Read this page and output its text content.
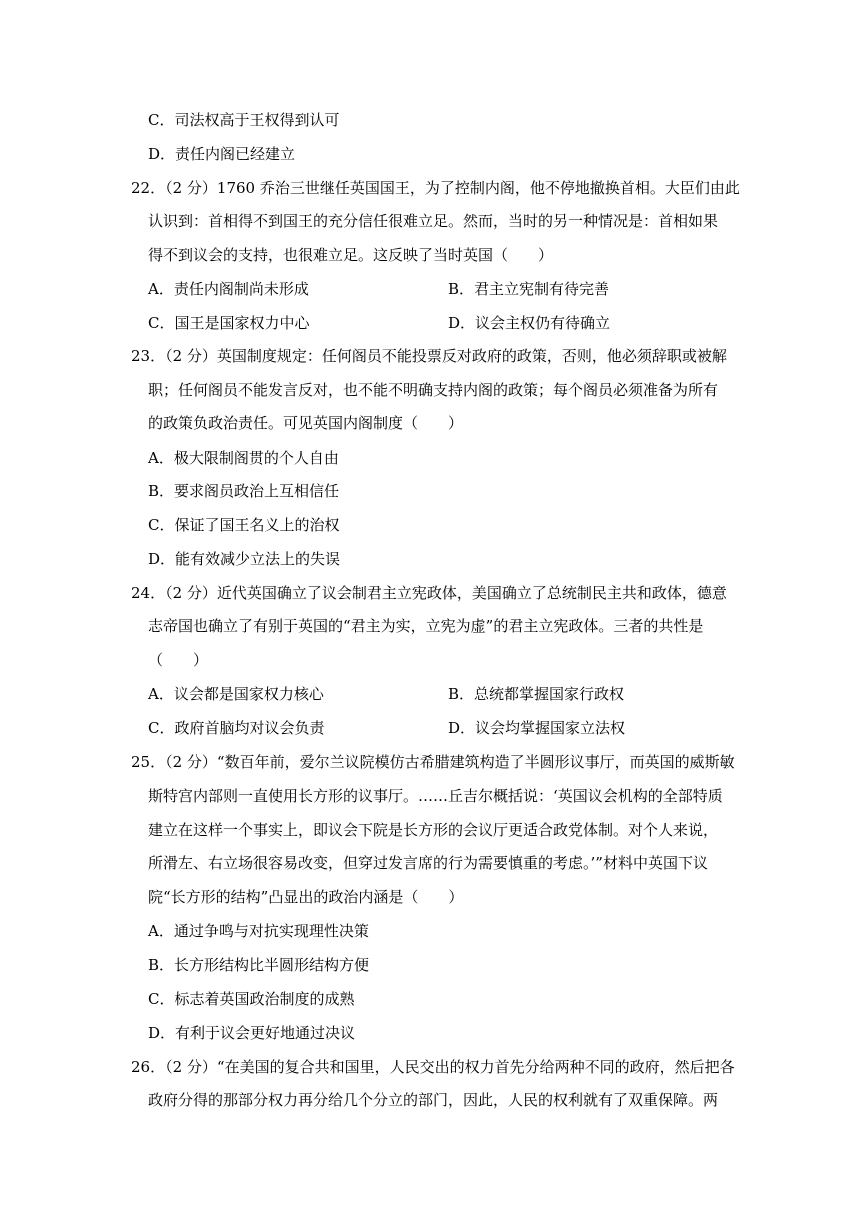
C．司法权高于王权得到认可
D．责任内阁已经建立
22．（2 分）1760 乔治三世继任英国国王，为了控制内阁，他不停地撤换首相。大臣们由此
认识到：首相得不到国王的充分信任很难立足。然而，当时的另一种情况是：首相如果
得不到议会的支持，也很难立足。这反映了当时英国（　　）
A．责任内阁制尚未形成	B．君主立宪制有待完善
C．国王是国家权力中心	D．议会主权仍有待确立
23．（2 分）英国制度规定：任何阁员不能投票反对政府的政策，否则，他必须辞职或被解
职；任何阁员不能发言反对，也不能不明确支持内阁的政策；每个阁员必须准备为所有
的政策负政治责任。可见英国内阁制度（　　）
A．极大限制阁贯的个人自由
B．要求阁员政治上互相信任
C．保证了国王名义上的治权
D．能有效减少立法上的失误
24．（2 分）近代英国确立了议会制君主立宪政体，美国确立了总统制民主共和政体，德意
志帝国也确立了有别于英国的“君主为实，立宪为虚”的君主立宪政体。三者的共性是
（　　）
A．议会都是国家权力核心	B．总统都掌握国家行政权
C．政府首脑均对议会负责	D．议会均掌握国家立法权
25．（2 分）“数百年前，爱尔兰议院模仿古希腊建筑构造了半圆形议事厅，而英国的威斯敏
斯特宫内部则一直使用长方形的议事厅。……丘吉尔概括说：‘英国议会机构的全部特质
建立在这样一个事实上，即议会下院是长方形的会议厅更适合政党体制。对个人来说，
所滑左、右立场很容易改变，但穿过发言席的行为需要慎重的考虑。’”材料中英国下议
院“长方形的结构”凸显出的政治内涵是（　　）
A．通过争鸣与对抗实现理性决策
B．长方形结构比半圆形结构方便
C．标志着英国政治制度的成熟
D．有利于议会更好地通过决议
26．（2 分）“在美国的复合共和国里，人民交出的权力首先分给两种不同的政府，然后把各
政府分得的那部分权力再分给几个分立的部门，因此，人民的权利就有了双重保障。两
